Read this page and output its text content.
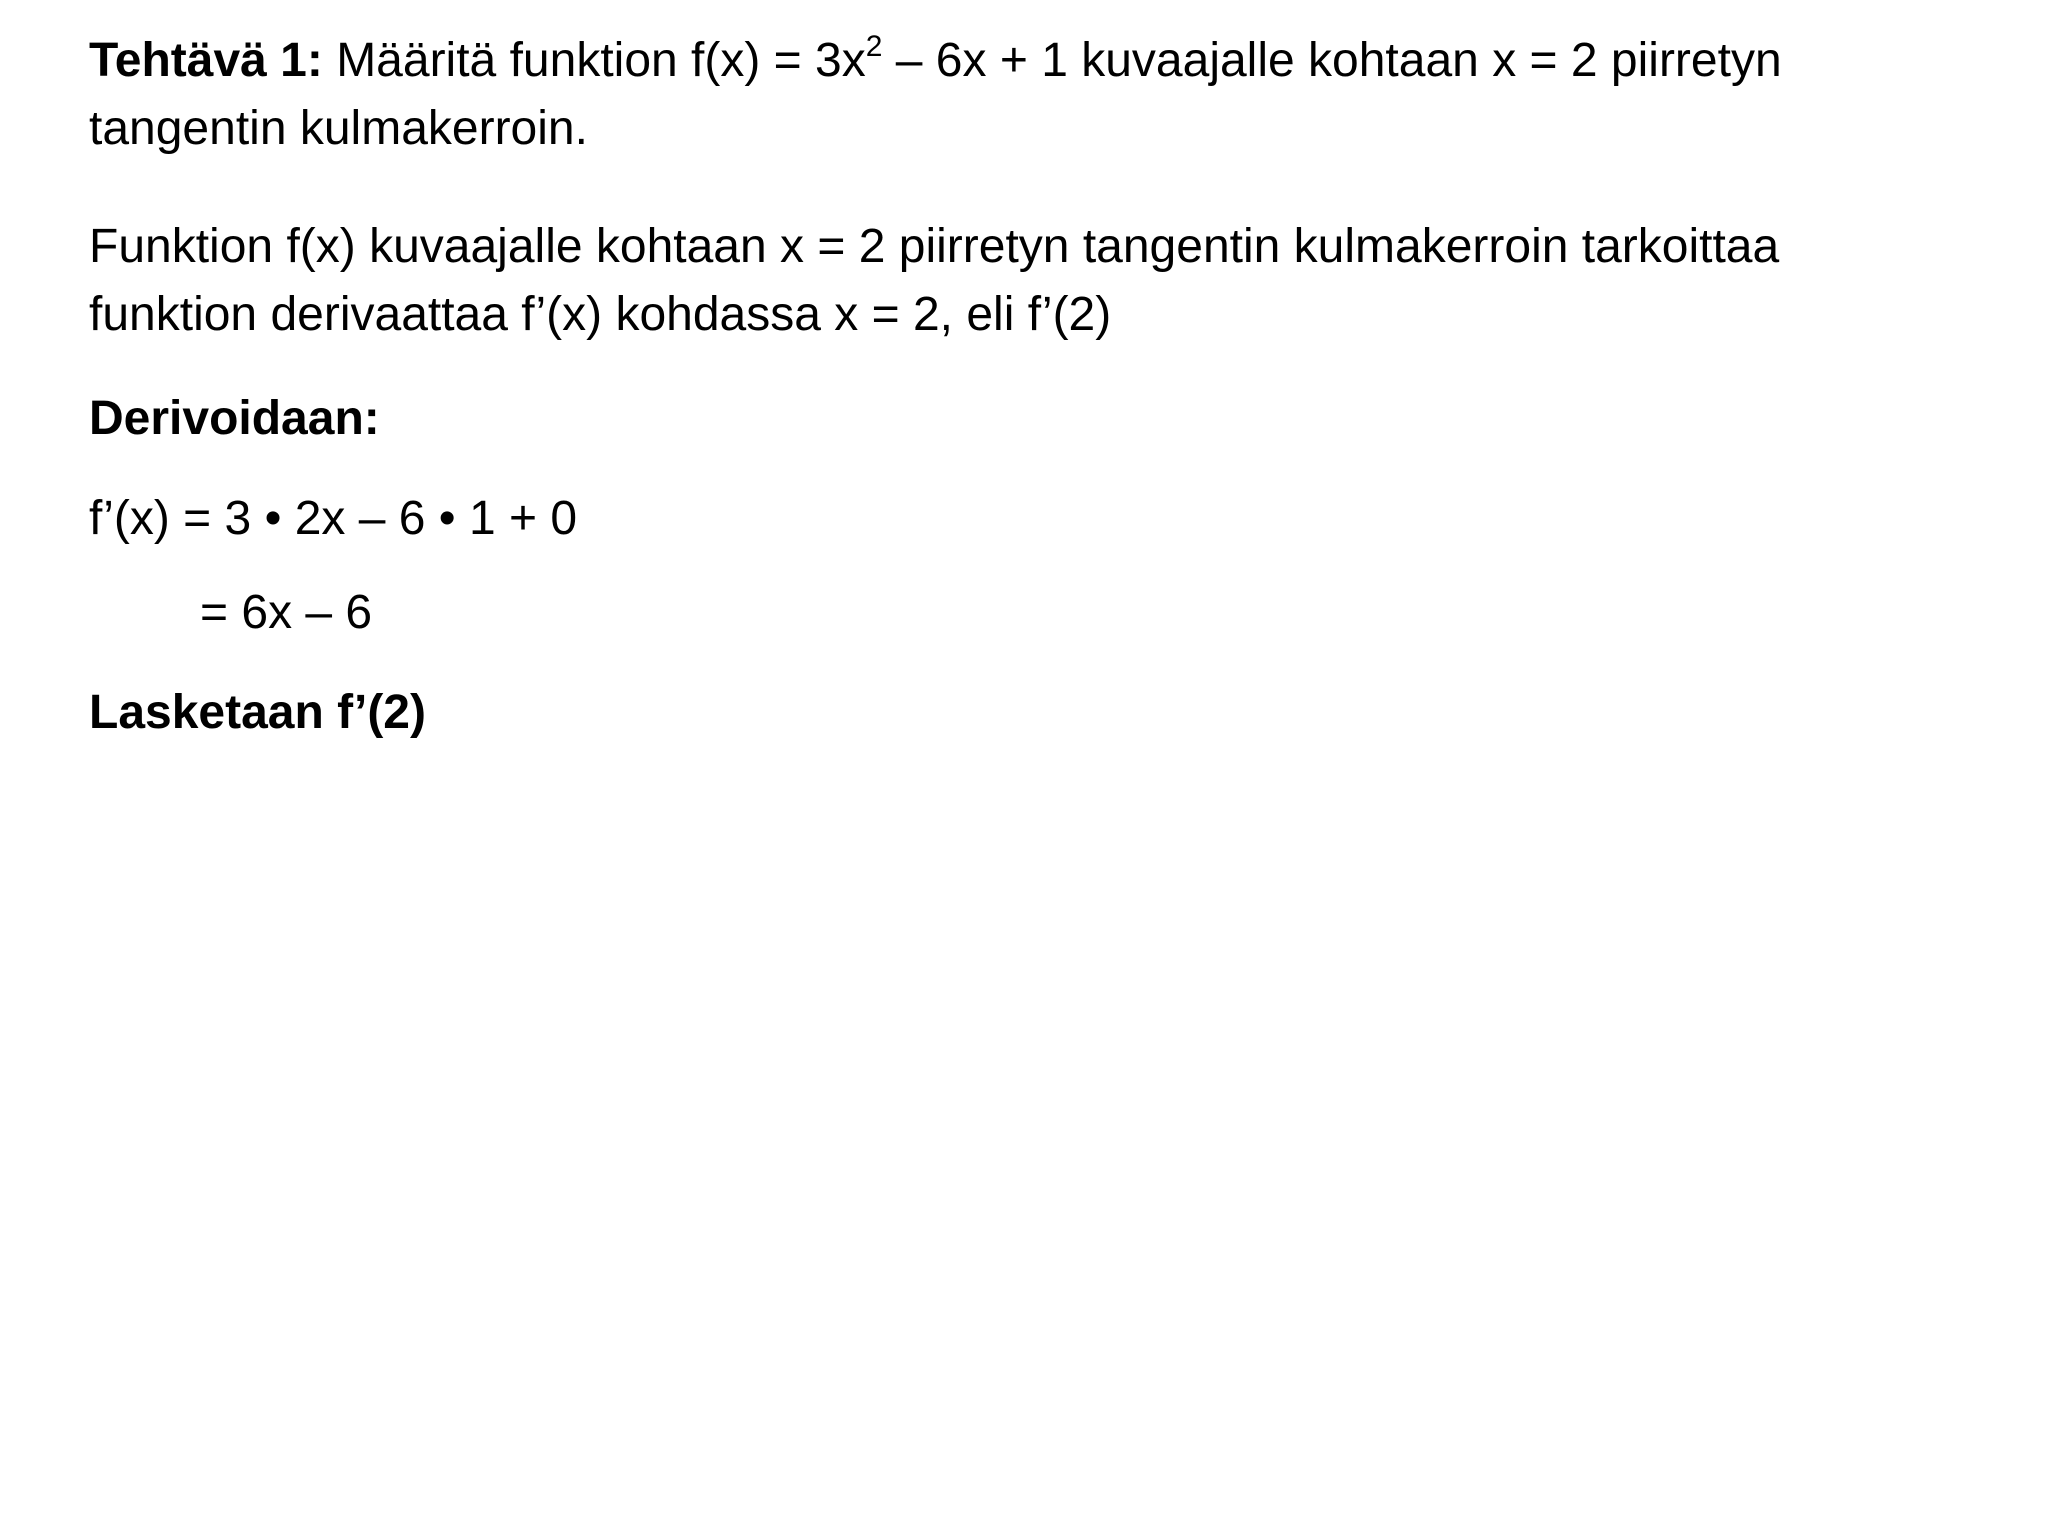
Tehtävä 1: Määritä funktion $f(x) = 3x^2 - 6x + 1$ kuvaajalle kohtaan x = 2 piirretyn
tangentin kulmakerroin.
Funktion f(x) kuvaajalle kohtaan x = 2 piirretyn tangentin kulmakerroin tarkoittaa
funktion derivaattaa f’(x) kohdassa x = 2, eli f’(2)
Derivoidaan:
f’(x) = 3 • 2x – 6 • 1 + 0
= 6x – 6
Lasketaan f’(2)
